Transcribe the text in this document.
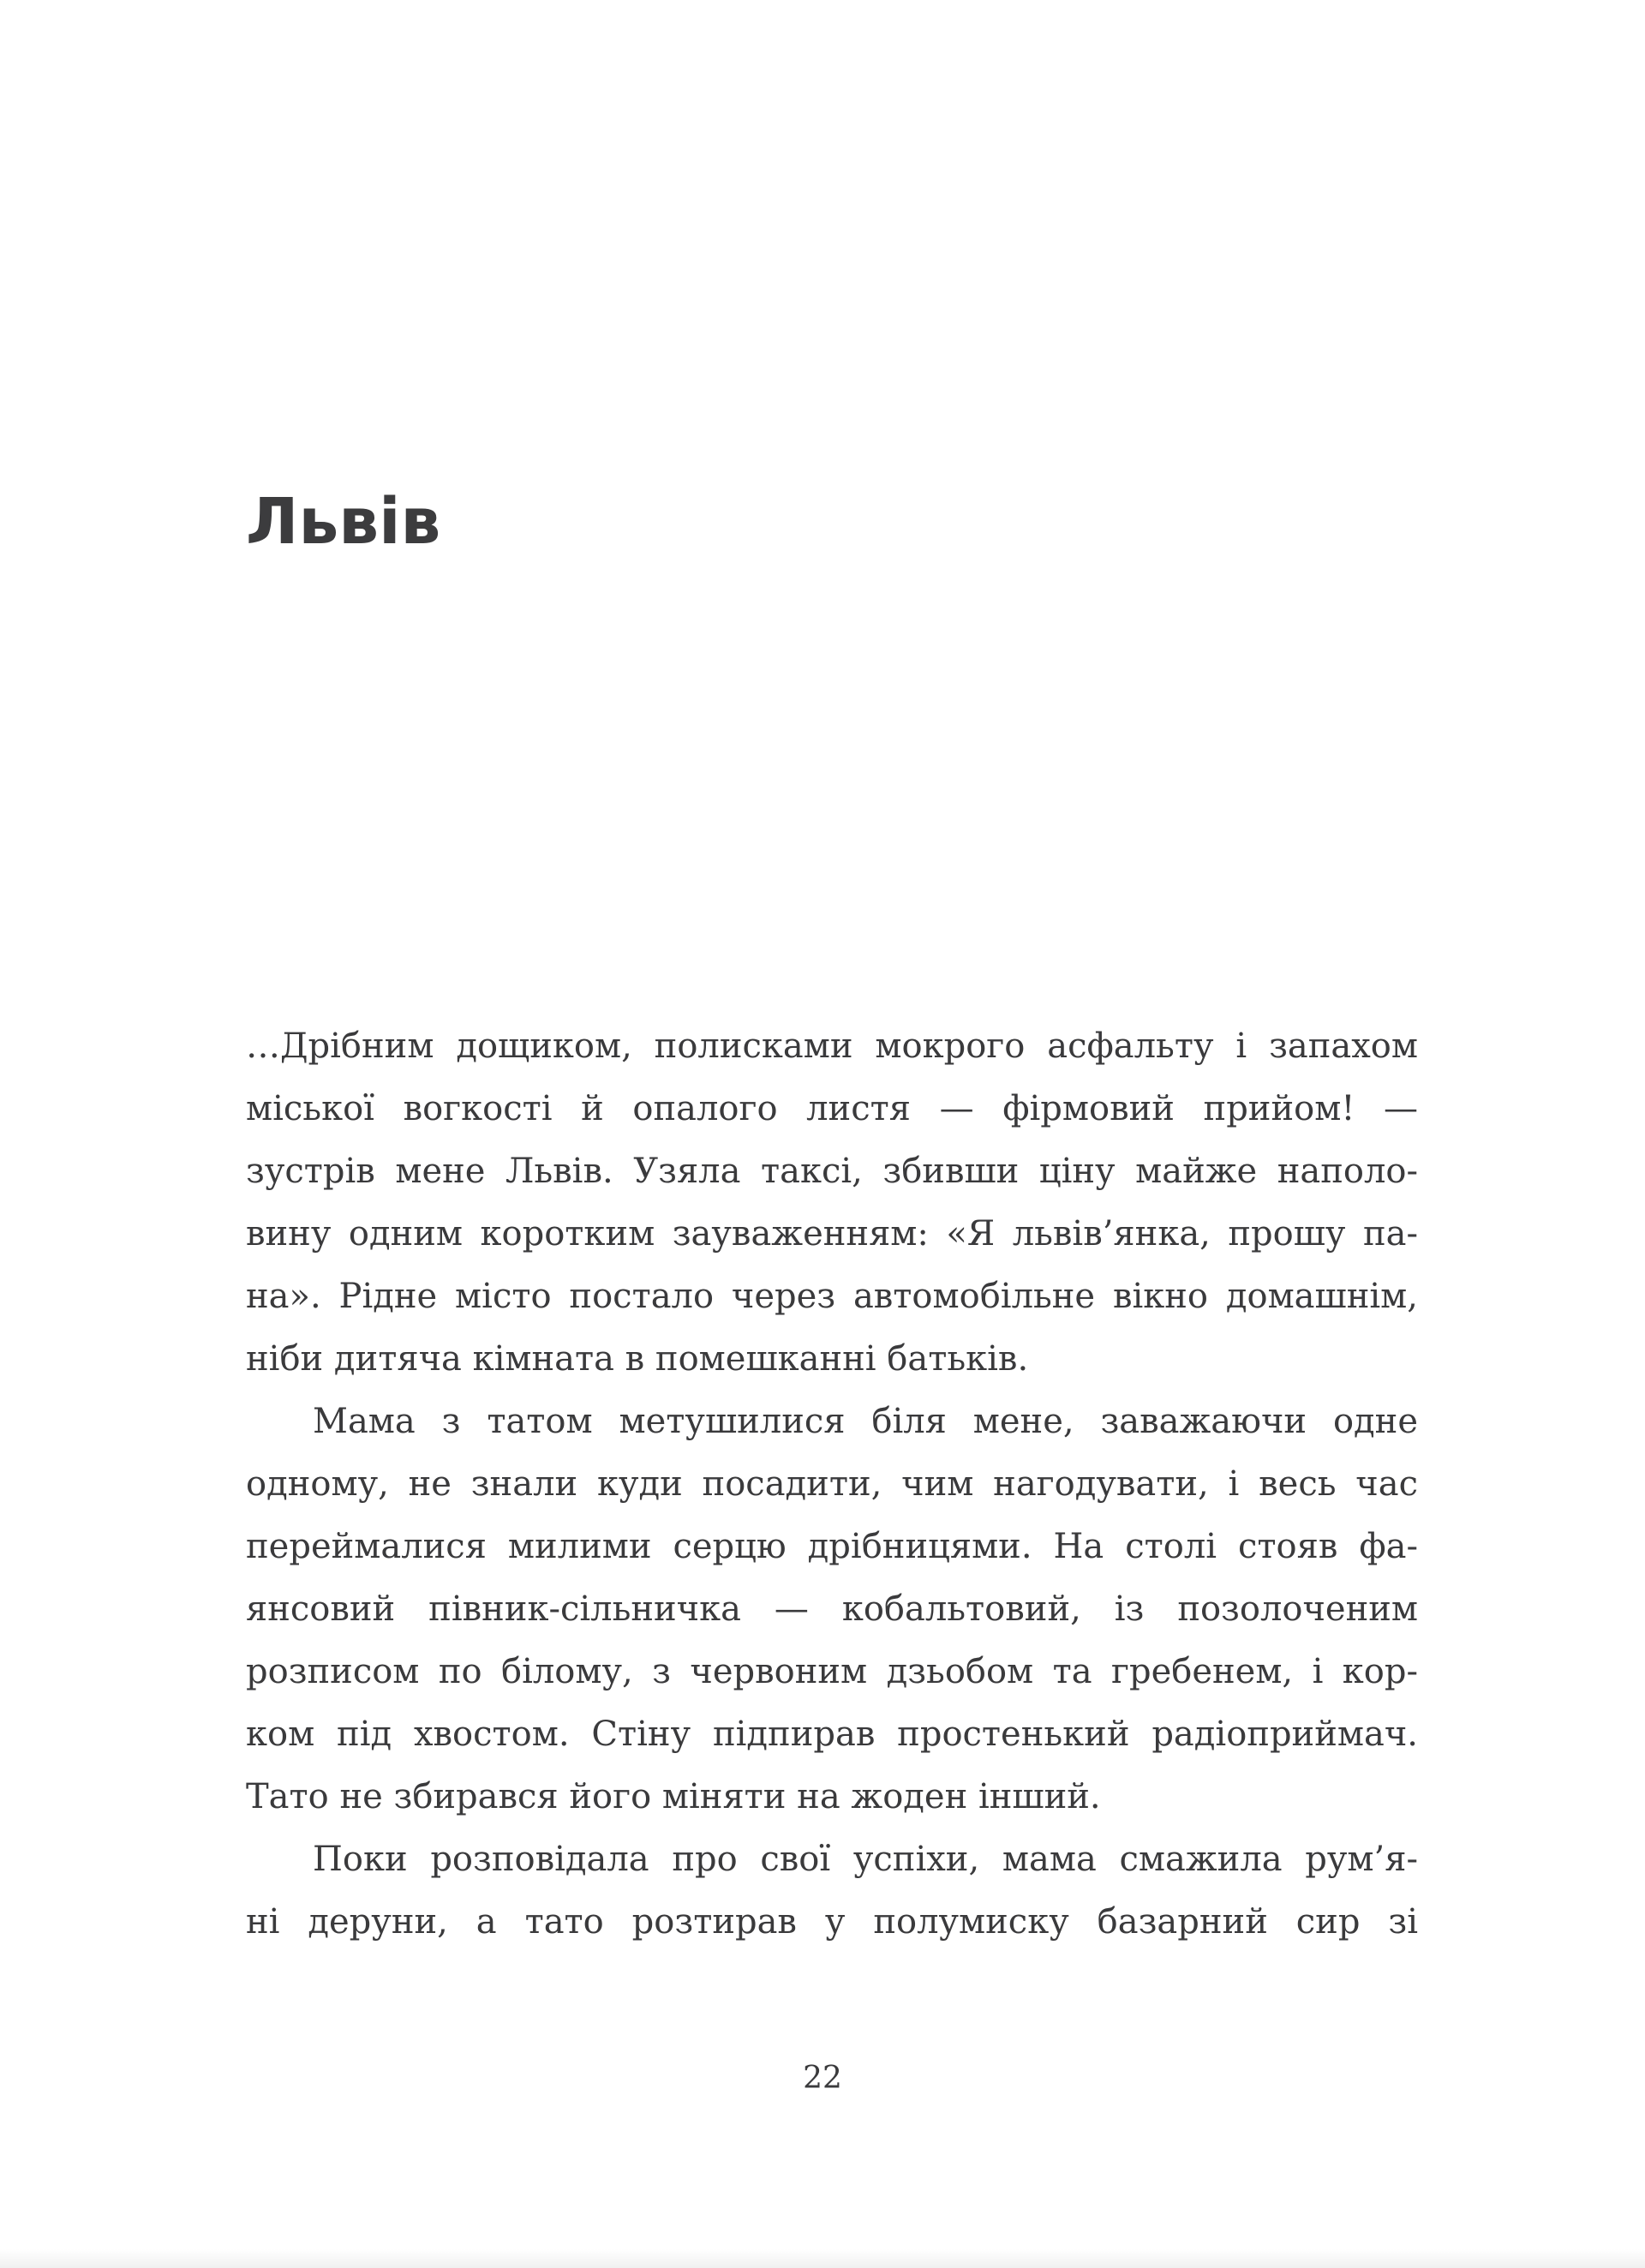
Львів
…Дрібним дощиком, полисками мокрого асфальту і запахом
міської вогкості й опалого листя — фірмовий прийом! —
зустрів мене Львів. Узяла таксі, збивши ціну майже наполо-
вину одним коротким зауваженням: «Я львів’янка, прошу па-
на». Рідне місто постало через автомобільне вікно домашнім,
ніби дитяча кімната в помешканні батьків.
Мама з татом метушилися біля мене, заважаючи одне
одному, не знали куди посадити, чим нагодувати, і весь час
переймалися милими серцю дрібницями. На столі стояв фа-
янсовий півник-сільничка — кобальтовий, із позолоченим
розписом по білому, з червоним дзьобом та гребенем, і кор-
ком під хвостом. Стіну підпирав простенький радіоприймач.
Тато не збирався його міняти на жоден інший.
Поки розповідала про свої успіхи, мама смажила рум’я-
ні деруни, а тато розтирав у полумиску базарний сир зі

22
